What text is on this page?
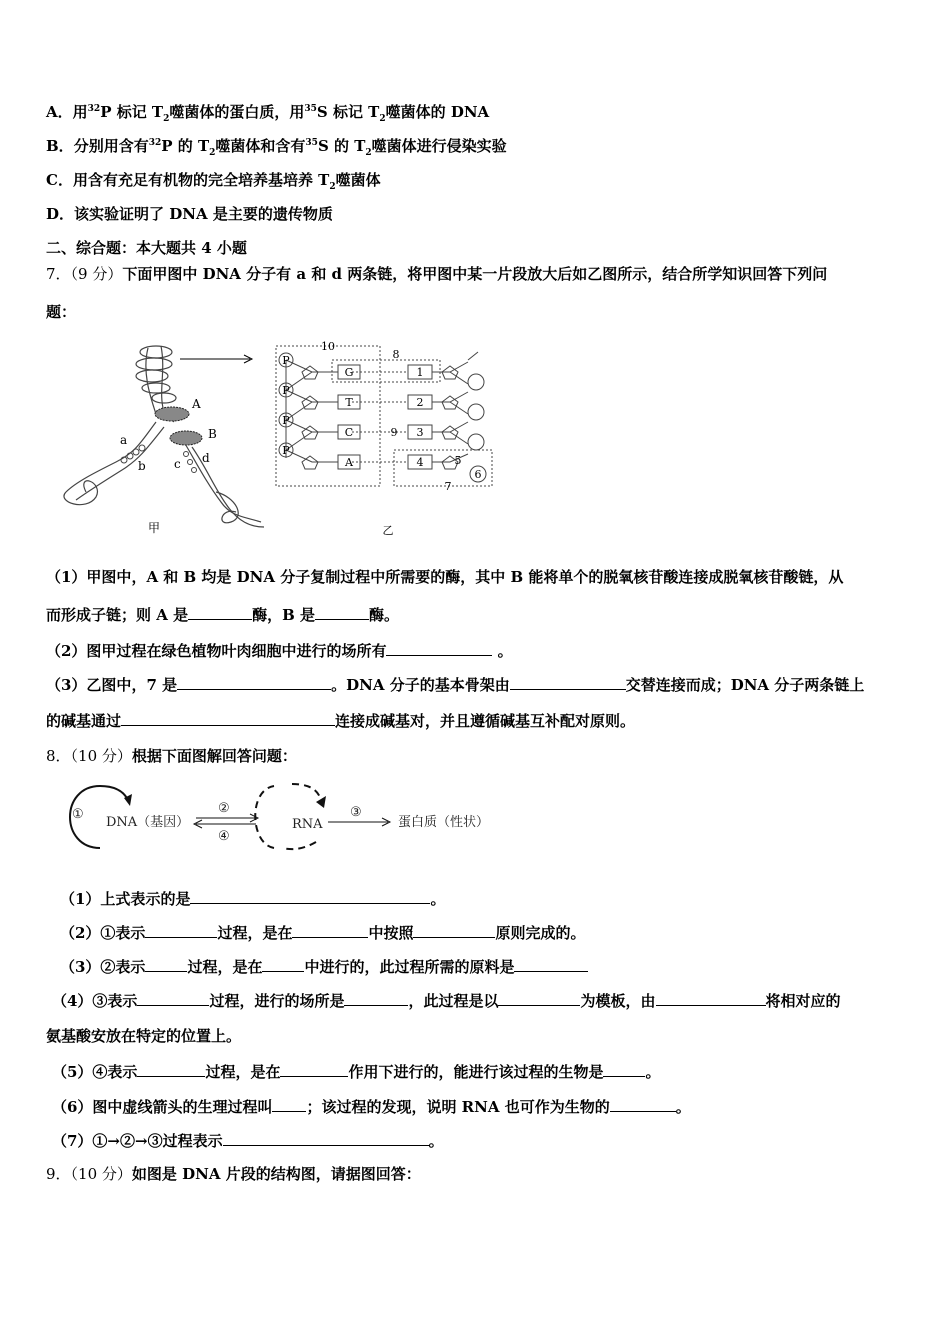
A．用$^{32}$P 标记 $T_2$噬菌体的蛋白质，用$^{35}$S 标记 $T_2$噬菌体的 DNA
B．分别用含有$^{32}$P 的 $T_2$噬菌体和含有$^{35}$S 的 $T_2$噬菌体进行侵染实验
C．用含有充足有机物的完全培养基培养 $T_2$噬菌体
D．该实验证明了 DNA 是主要的遗传物质
二、综合题：本大题共 4 小题
7．（9 分）下面甲图中 DNA 分子有 a 和 d 两条链，将甲图中某一片段放大后如乙图所示，结合所学知识回答下列问
题：
A
B
a
b c d
甲
P
P
P
P
G
T
C
A
1
2
3
4
10
8
9
7
5
6
乙
（1）甲图中，A 和 B 均是 DNA 分子复制过程中所需要的酶，其中 B 能将单个的脱氧核苷酸连接成脱氧核苷酸链，从
而形成子链；则 A 是	酶，B 是	酶。
（2）图甲过程在绿色植物叶肉细胞中进行的场所有	。
（3）乙图中，7 是	。DNA 分子的基本骨架由	交替连接而成；DNA 分子两条链上
的碱基通过	连接成碱基对，并且遵循碱基互补配对原则。
8．（10 分）根据下面图解回答问题：
①	②
④
③
DNA（基因）	RNA	蛋白质（性状）
（1）上式表示的是	。
（2）①表示	过程，是在	中按照	原则完成的。
（3）②表示	过程，是在	中进行的，此过程所需的原料是
（4）③表示	过程，进行的场所是	，此过程是以	为模板，由	将相对应的
氨基酸安放在特定的位置上。
（5）④表示	过程，是在	作用下进行的，能进行该过程的生物是	。
（6）图中虚线箭头的生理过程叫 ；该过程的发现，说明 RNA 也可作为生物的	。
（7）①→②→③过程表示	。
9．（10 分）如图是 DNA 片段的结构图，请据图回答：
